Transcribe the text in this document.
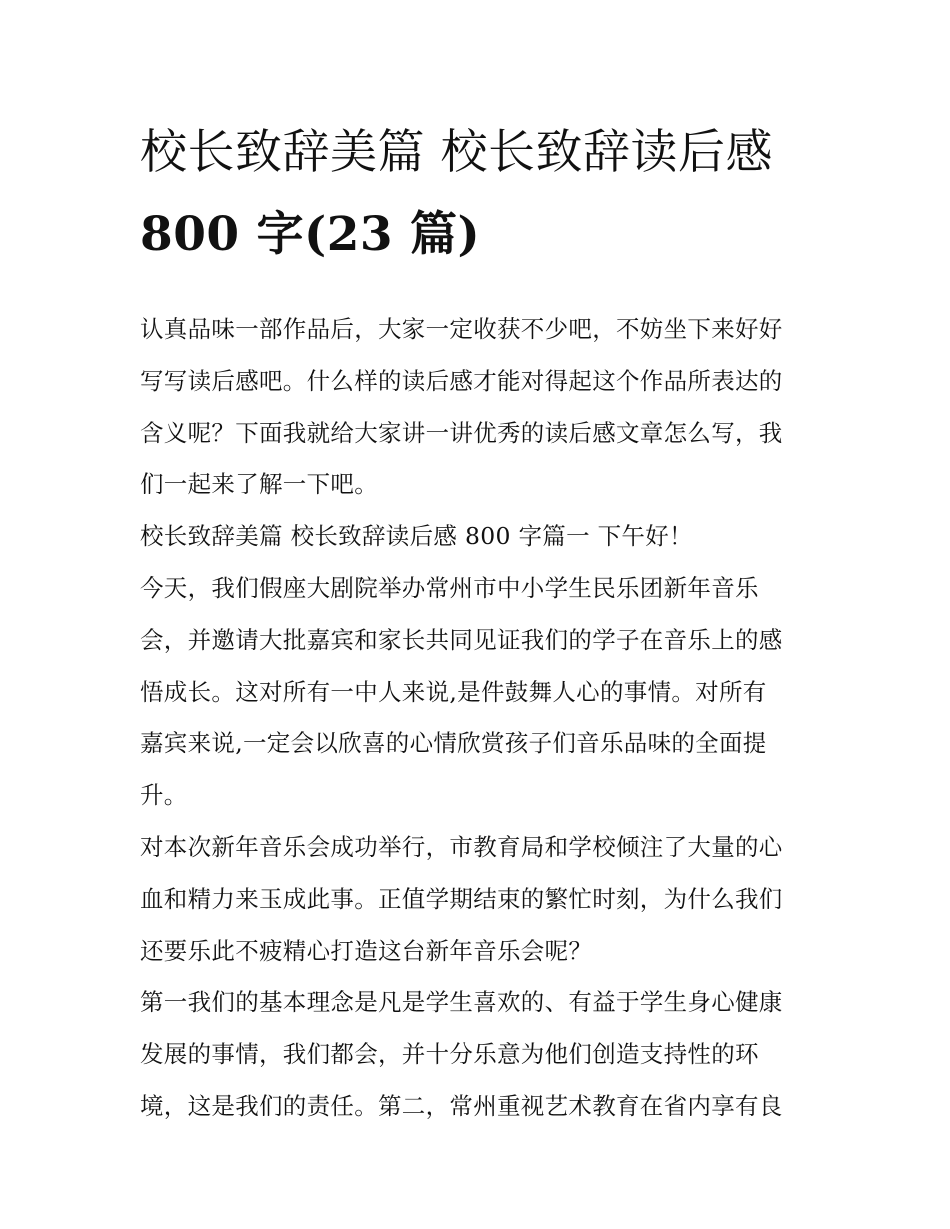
校长致辞美篇 校长致辞读后感
800 字(23 篇)

认真品味一部作品后，大家一定收获不少吧，不妨坐下来好好
写写读后感吧。什么样的读后感才能对得起这个作品所表达的
含义呢？下面我就给大家讲一讲优秀的读后感文章怎么写，我
们一起来了解一下吧。

校长致辞美篇 校长致辞读后感 800 字篇一 下午好！

今天，我们假座大剧院举办常州市中小学生民乐团新年音乐
会，并邀请大批嘉宾和家长共同见证我们的学子在音乐上的感
悟成长。这对所有一中人来说,是件鼓舞人心的事情。对所有
嘉宾来说,一定会以欣喜的心情欣赏孩子们音乐品味的全面提
升。

对本次新年音乐会成功举行，市教育局和学校倾注了大量的心
血和精力来玉成此事。正值学期结束的繁忙时刻，为什么我们
还要乐此不疲精心打造这台新年音乐会呢？

第一我们的基本理念是凡是学生喜欢的、有益于学生身心健康
发展的事情，我们都会，并十分乐意为他们创造支持性的环
境，这是我们的责任。第二，常州重视艺术教育在省内享有良
